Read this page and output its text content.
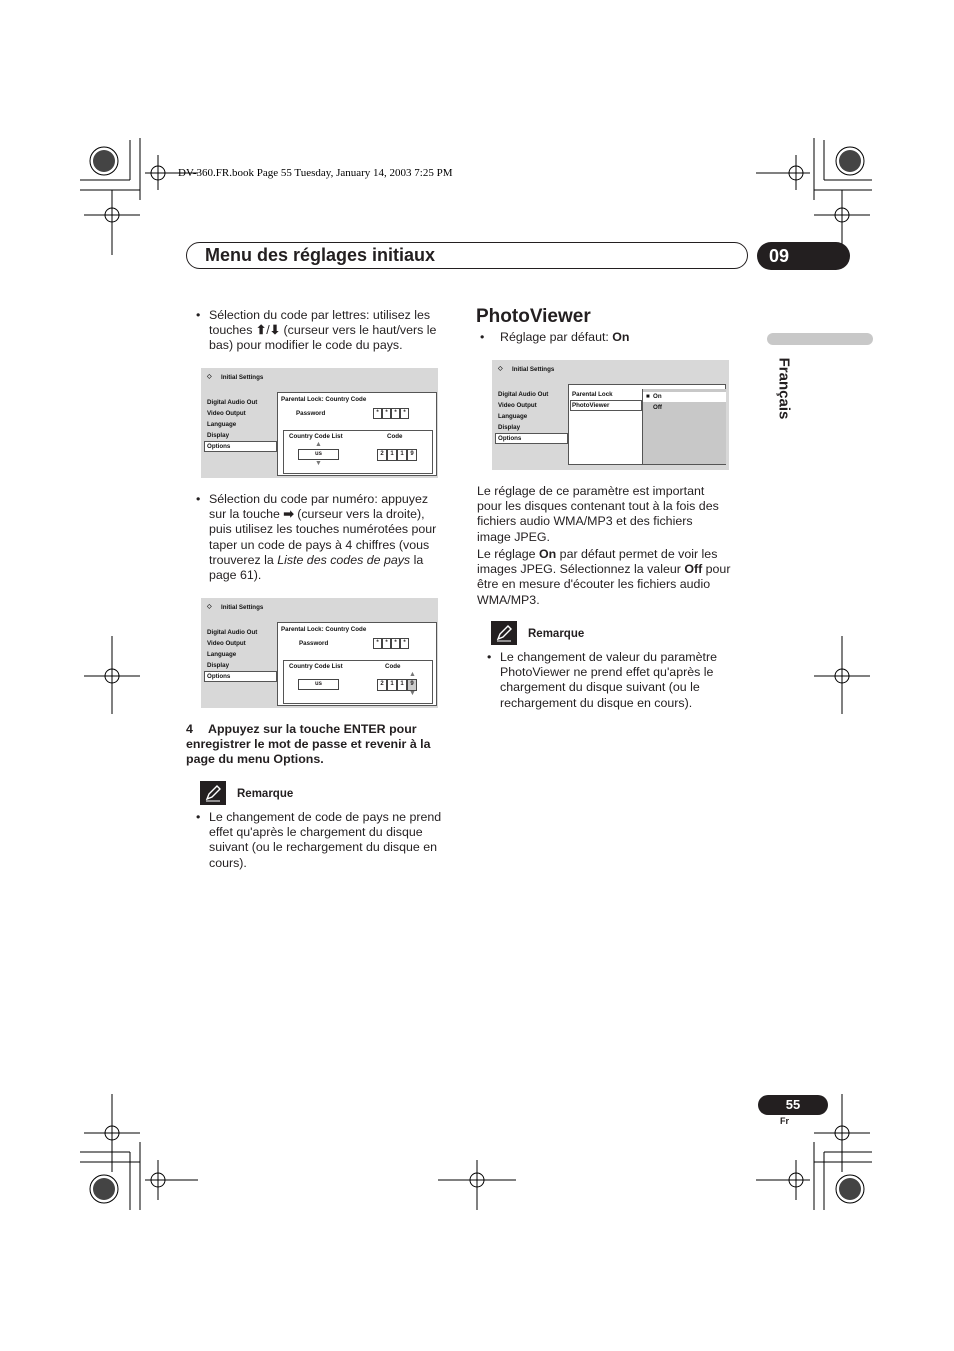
DV-360.FR.book Page 55 Tuesday, January 14, 2003 7:25 PM
Menu des réglages initiaux	09
Français
• Sélection du code par lettres: utilisez les
touches ⬆/⬇ (curseur vers le haut/vers le
bas) pour modifier le code du pays.
◇ Initial Settings
Digital Audio Out
Video Output
Language
Display
Options
Parental Lock: Country Code
Password	*	*	*	*
Country Code List	Code
▲
us
▼
2	1	1	9
• Sélection du code par numéro: appuyez
sur la touche ➡ (curseur vers la droite),
puis utilisez les touches numérotées pour
taper un code de pays à 4 chiffres (vous
trouverez la Liste des codes de pays la
page 61).
◇ Initial Settings
Digital Audio Out
Video Output
Language
Display
Options
Parental Lock: Country Code
Password	*	*	*	*
Country Code List	Code
us	2	1	1	9
▲
▼
4	Appuyez sur la touche ENTER pour
enregistrer le mot de passe et revenir à la
page du menu Options.
Remarque
• Le changement de code de pays ne prend
effet qu'après le chargement du disque
suivant (ou le rechargement du disque en
cours).
PhotoViewer
• Réglage par défaut: On
◇ Initial Settings
Digital Audio Out
Video Output
Language
Display
Options
Parental Lock
PhotoViewer
■ On
Off
Le réglage de ce paramètre est important
pour les disques contenant tout à la fois des
fichiers audio WMA/MP3 et des fichiers
image JPEG.
Le réglage On par défaut permet de voir les
images JPEG. Sélectionnez la valeur Off pour
être en mesure d'écouter les fichiers audio
WMA/MP3.
Remarque
• Le changement de valeur du paramètre
PhotoViewer ne prend effet qu'après le
chargement du disque suivant (ou le
rechargement du disque en cours).
55
Fr
